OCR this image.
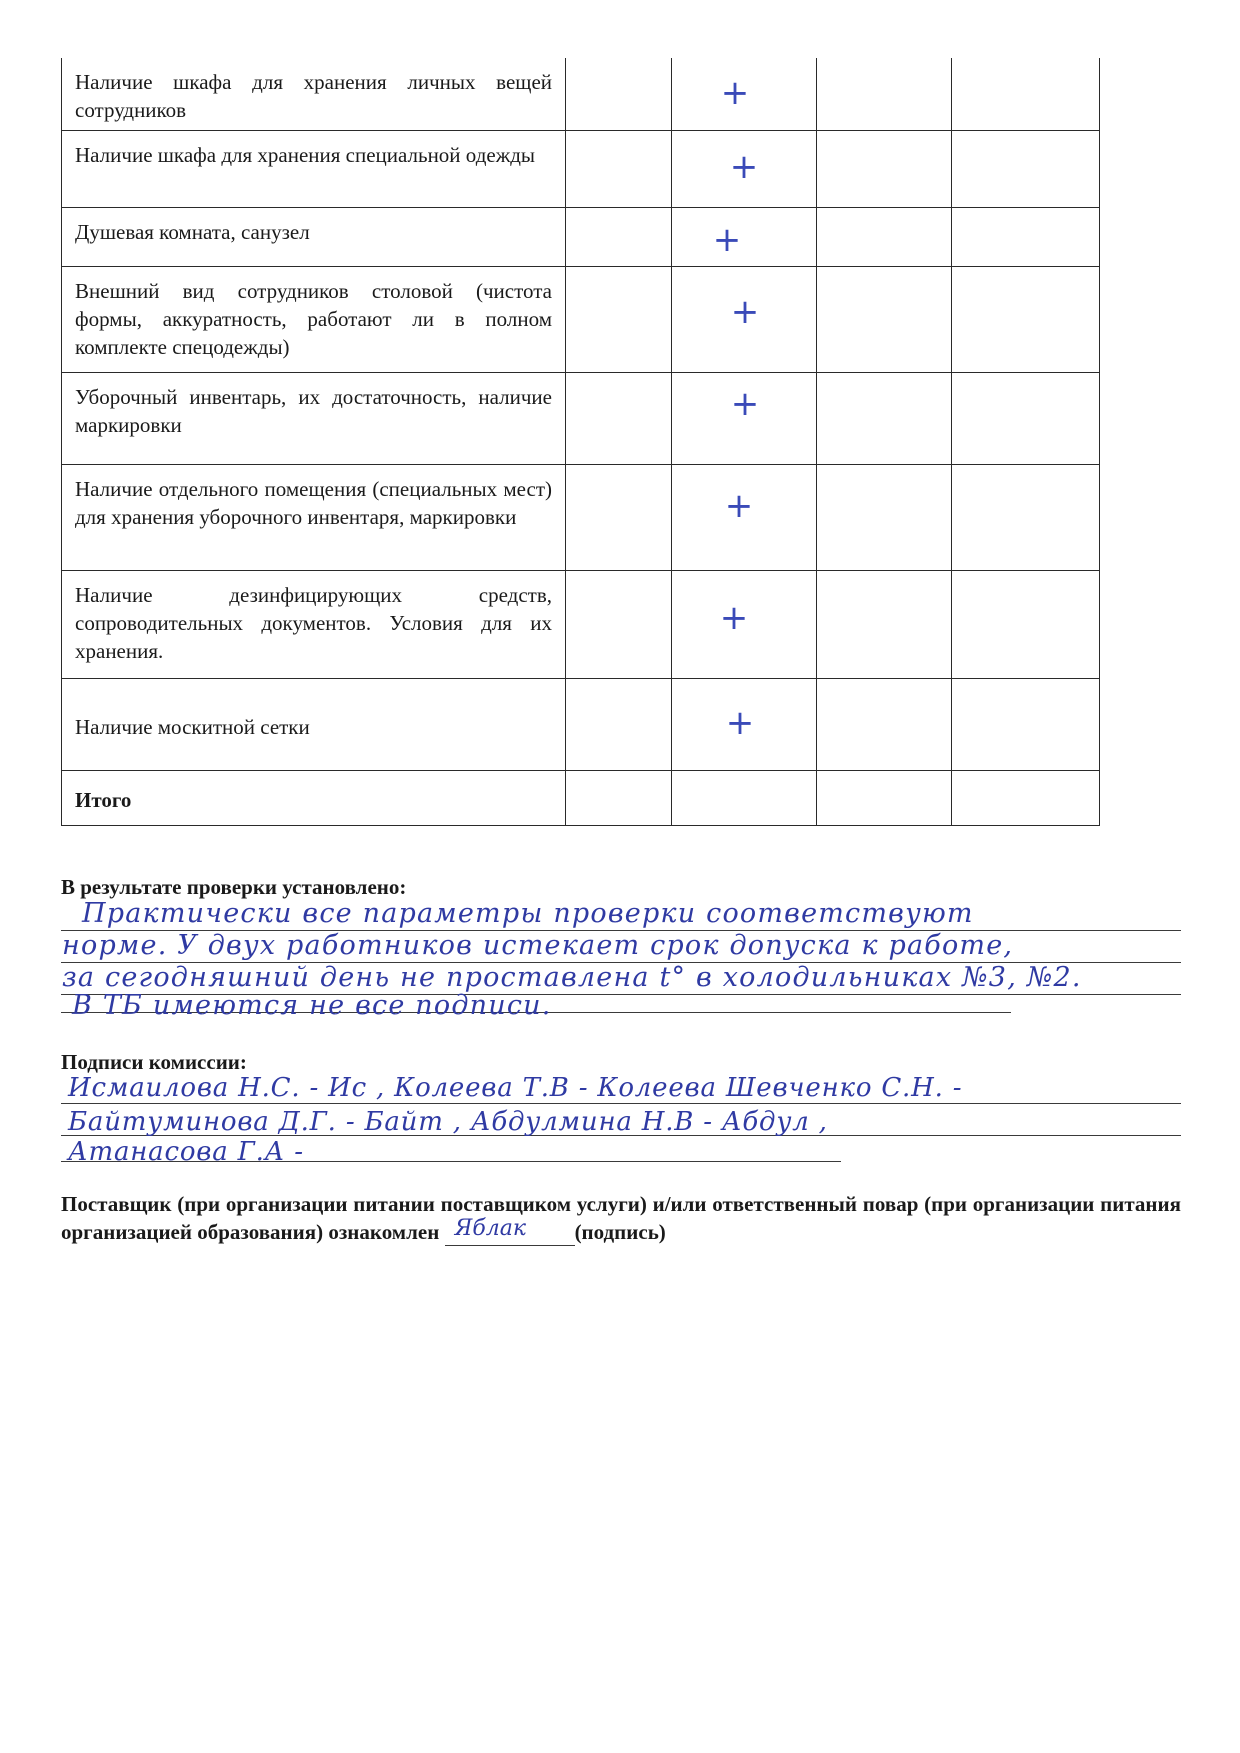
Наличие шкафа для хранения личных вещей сотрудников		+		

Наличие шкафа для хранения специальной одежды		+		

Душевая комната, санузел		+		

Внешний вид сотрудников столовой (чистота формы, аккуратность, работают ли в полном комплекте спецодежды)		+		

Уборочный инвентарь, их достаточность, наличие маркировки		+		

Наличие отдельного помещения (специальных мест) для хранения уборочного инвентаря, маркировки		+		

Наличие дезинфицирующих средств, сопроводительных документов. Условия для их хранения.		+		

Наличие москитной сетки		+		

Итого				
В результате проверки установлено:
Практически все параметры проверки соответствуют
норме. У двух работников истекает срок допуска к работе,
за сегодняшний день не проставлена t° в холодильниках №3, №2.
В ТБ имеются не все подписи.
Подписи комиссии:
Исмаилова Н.С. - Ис , Колеева Т.В - Колеева Шевченко С.Н. -
Байтуминова Д.Г. - Байт , Абдулмина Н.В - Абдул ,
Атанасова Г.А -
Поставщик (при организации питании поставщиком услуги) и/или ответственный повар (при организации питания организацией образования) ознакомлен Яблак (подпись)
